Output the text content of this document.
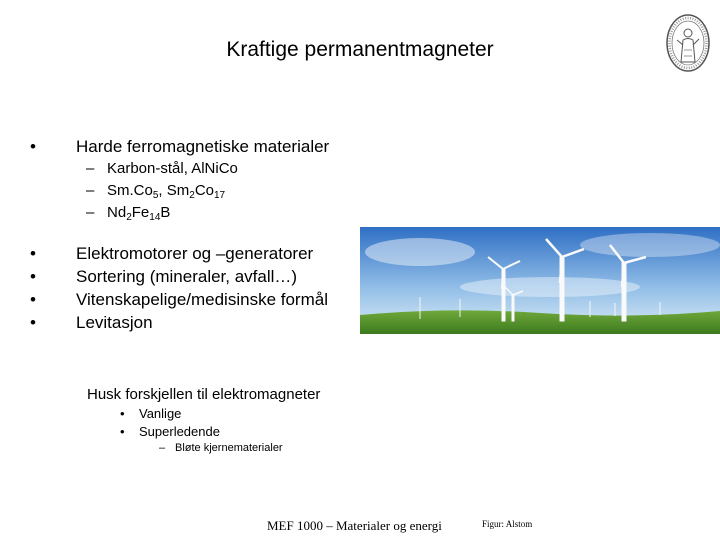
Kraftige permanentmagneter
• Harde ferromagnetiske materialer
– Karbon-stål, AlNiCo
– $Sm.Co_5$, $Sm_2Co_{17}$
– $Nd_2Fe_{14}B$
• Elektromotorer og –generatorer
• Sortering (mineraler, avfall…)
• Vitenskapelige/medisinske formål
• Levitasjon
Husk forskjellen til elektromagneter
• Vanlige
• Superledende
– Bløte kjernematerialer
MEF 1000 – Materialer og energi	Figur: Alstom
